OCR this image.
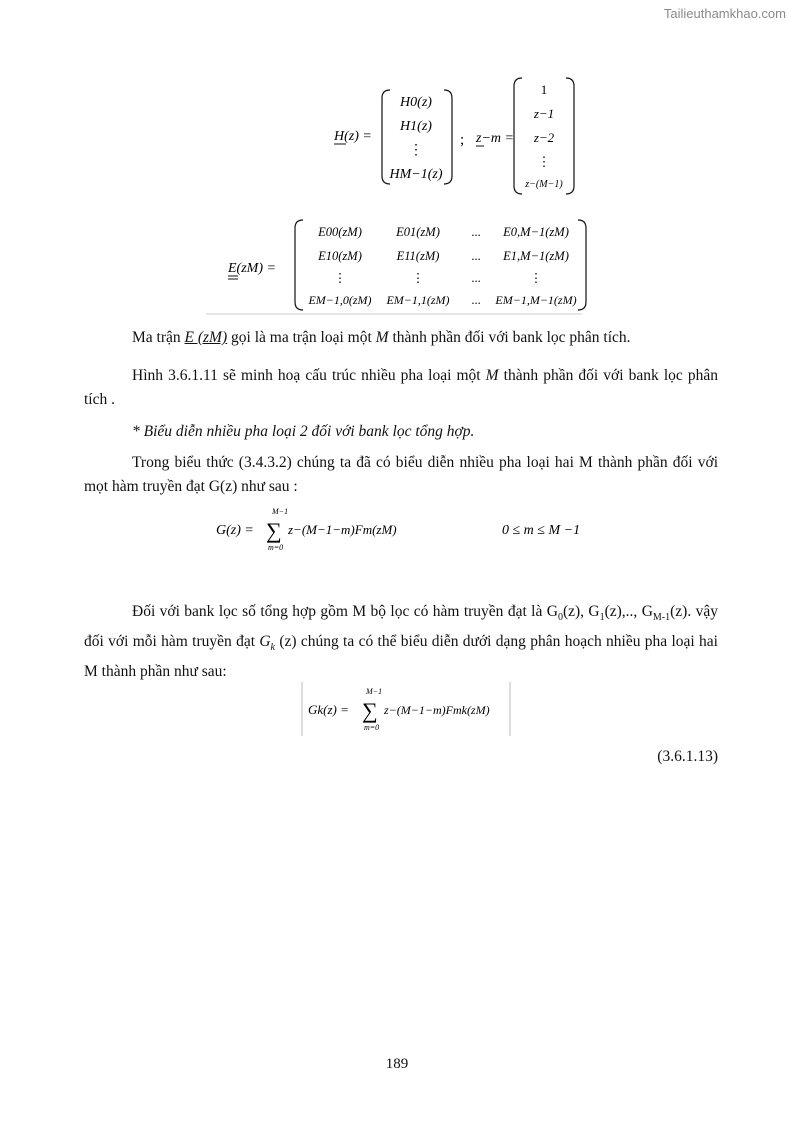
Tailieuthamkhao.com
H(z) =
H0(z)
H1(z)
⋮
HM−1(z)
; z−m =
1
z−1
z−2
⋮
z−(M−1)
E(zM) =
E00(zM)	E01(zM)	... E0,M−1(zM)
E10(zM)	E11(zM)	... E1,M−1(zM)
⋮	⋮	...	⋮
EM−1,0(zM) EM−1,1(zM) ... EM−1,M−1(zM)
Ma trận E (zM) gọi là ma trận loại một M thành phần đối với bank lọc phân tích.
Hình 3.6.1.11 sẽ minh hoạ cấu trúc nhiều pha loại một M thành phần đối với bank lọc phân tích .
* Biểu diễn nhiều pha loại 2 đối với bank lọc tổng hợp.
Trong biểu thức (3.4.3.2) chúng ta đã có biểu diễn nhiều pha loại hai M thành phần đối với mọt hàm truyền đạt G(z) như sau :
G(z) =
M−1
∑
m=0
z−(M−1−m)Fm(zM)	0 ≤ m ≤ M −1
Đối với bank lọc số tổng hợp gồm M bộ lọc có hàm truyền đạt là $G_0(z)$, $G_1(z)$,.., $G_{M-1}(z)$. vậy đối với mỗi hàm truyền đạt $G_k$ (z) chúng ta có thể biểu diễn dưới dạng phân hoạch nhiều pha loại hai M thành phần như sau:
Gk(z) =
M−1
∑
m=0
z−(M−1−m)Fmk(zM)
(3.6.1.13)
189
